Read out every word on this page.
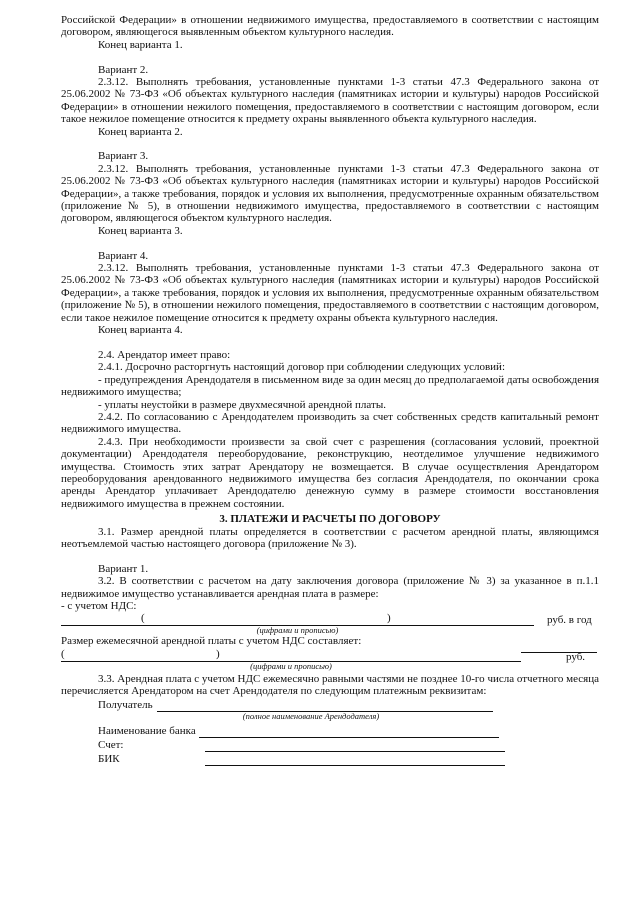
Российской Федерации» в отношении недвижимого имущества, предоставляемого в соответствии с настоящим договором, являющегося выявленным объектом культурного наследия.

Конец варианта 1.

Вариант 2.

2.3.12. Выполнять требования, установленные пунктами 1-3 статьи 47.3 Федерального закона от 25.06.2002 № 73-ФЗ «Об объектах культурного наследия (памятниках истории и культуры) народов Российской Федерации» в отношении нежилого помещения, предоставляемого в соответствии с настоящим договором, если такое нежилое помещение относится к предмету охраны выявленного объекта культурного наследия.

Конец варианта 2.

Вариант 3.

2.3.12. Выполнять требования, установленные пунктами 1-3 статьи 47.3 Федерального закона от 25.06.2002 № 73-ФЗ «Об объектах культурного наследия (памятниках истории и культуры) народов Российской Федерации», а также требования, порядок и условия их выполнения, предусмотренные охранным обязательством (приложение № 5), в отношении недвижимого имущества, предоставляемого в соответствии с настоящим договором, являющегося объектом культурного наследия.

Конец варианта 3.

Вариант 4.

2.3.12. Выполнять требования, установленные пунктами 1-3 статьи 47.3 Федерального закона от 25.06.2002 № 73-ФЗ «Об объектах культурного наследия (памятниках истории и культуры) народов Российской Федерации», а также требования, порядок и условия их выполнения, предусмотренные охранным обязательством (приложение № 5), в отношении нежилого помещения, предоставляемого в соответствии с настоящим договором, если такое нежилое помещение относится к предмету охраны объекта культурного наследия.

Конец варианта 4.

2.4. Арендатор имеет право:

2.4.1. Досрочно расторгнуть настоящий договор при соблюдении следующих условий:

- предупреждения Арендодателя в письменном виде за один месяц до предполагаемой даты освобождения недвижимого имущества;

- уплаты неустойки в размере двухмесячной арендной платы.

2.4.2. По согласованию с Арендодателем производить за счет собственных средств капитальный ремонт недвижимого имущества.

2.4.3. При необходимости произвести за свой счет с разрешения (согласования условий, проектной документации) Арендодателя переоборудование, реконструкцию, неотделимое улучшение недвижимого имущества. Стоимость этих затрат Арендатору не возмещается. В случае осуществления Арендатором переоборудования арендованного недвижимого имущества без согласия Арендодателя, по окончании срока аренды Арендатор уплачивает Арендодателю денежную сумму в размере стоимости восстановления недвижимого имущества в прежнем состоянии.

3. ПЛАТЕЖИ И РАСЧЕТЫ ПО ДОГОВОРУ

3.1. Размер арендной платы определяется в соответствии с расчетом арендной платы, являющимся неотъемлемой частью настоящего договора (приложение № 3).

Вариант 1.

3.2. В соответствии с расчетом на дату заключения договора (приложение № 3) за указанное в п.1.1 недвижимое имущество устанавливается арендная плата в размере:

- с учетом НДС:

(	)	руб. в год
(цифрами и прописью)

Размер ежемесячной арендной платы с учетом НДС составляет:

(	)	руб.
(цифрами и прописью)

3.3. Арендная плата с учетом НДС ежемесячно равными частями не позднее 10-го числа отчетного месяца перечисляется Арендатором на счет Арендодателя по следующим платежным реквизитам:

Получатель
(полное наименование Арендодателя)
Наименование банка
Счет:
БИК
